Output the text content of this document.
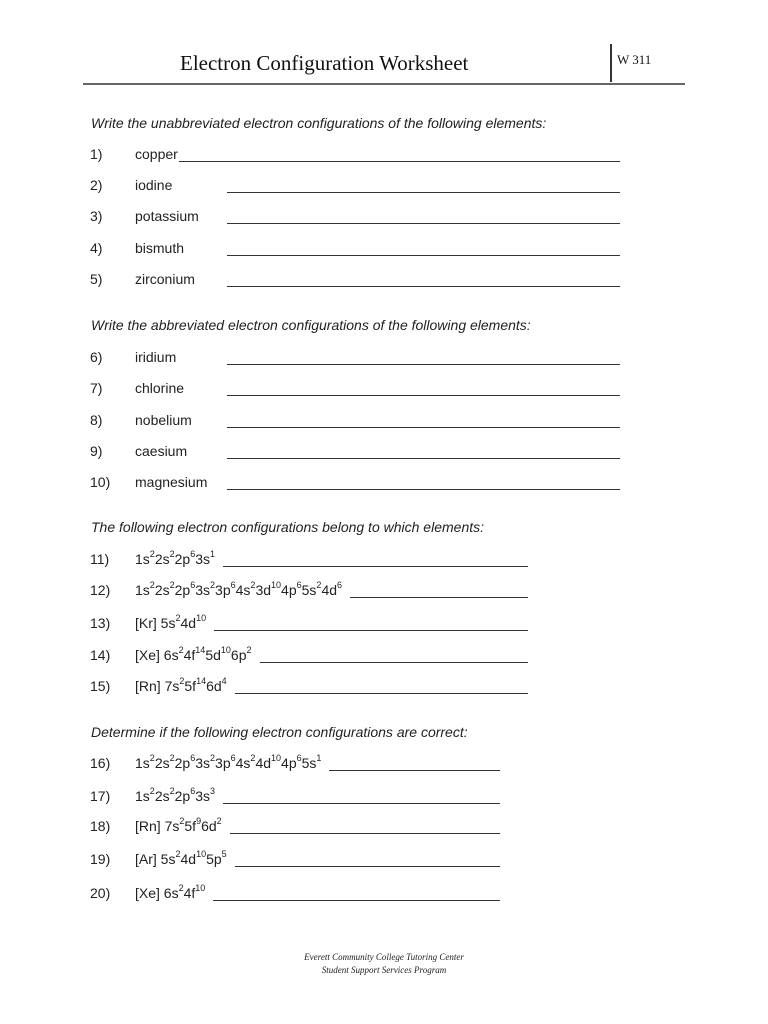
Electron Configuration Worksheet	W 311
Write the unabbreviated electron configurations of the following elements:
1) copper
2) iodine
3) potassium
4) bismuth
5) zirconium
Write the abbreviated electron configurations of the following elements:
6) iridium
7) chlorine
8) nobelium
9) caesium
10) magnesium
The following electron configurations belong to which elements:
11) $1s^22s^22p^63s^1$
12) $1s^22s^22p^63s^23p^64s^23d^{10}4p^65s^24d^6$
13) [Kr] $5s^24d^{10}$
14) [Xe] $6s^24f^{14}5d^{10}6p^2$
15) [Rn] $7s^25f^{14}6d^4$
Determine if the following electron configurations are correct:
16) $1s^22s^22p^63s^23p^64s^24d^{10}4p^65s^1$
17) $1s^22s^22p^63s^3$
18) [Rn] $7s^25f^96d^2$
19) [Ar] $5s^24d^{10}5p^5$
20) [Xe] $6s^24f^{10}$
Everett Community College Tutoring Center
Student Support Services Program
